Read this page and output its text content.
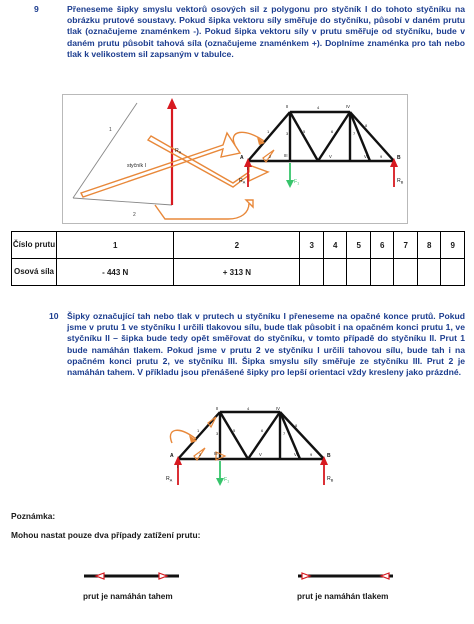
9	Přeneseme šipky smyslu vektorů osových sil z polygonu pro styčník I do tohoto styčníku na obrázku prutové soustavy. Pokud šipka vektoru síly směřuje do styčníku, působí v daném prutu tlak (označujeme znaménkem -). Pokud šipka vektoru síly v prutu směřuje od styčníku, bude v daném prutu působit tahová síla (označujeme znaménkem +). Doplníme znaménka pro tah nebo tlak k velikostem sil zapsaným v tabulce.
1
2
styčník I
$R_A$
A	B
$R_A$	$R_B$
$F_1$
I
II
III
IV
V	VI
1
2
3
4
5	6	7
8
9
Číslo prutu	1	2	3	4	5	6	7	8	9
Osová síla	- 443 N	+ 313 N							
10 Šipky označující tah nebo tlak v prutech u styčníku I přeneseme na opačné konce prutů. Pokud jsme v prutu 1 ve styčníku I určili tlakovou sílu, bude tlak působit i na opačném konci prutu 1, ve styčníku II – šipka bude tedy opět směřovat do styčníku, v tomto případě do styčníku II. Prut 1 bude namáhán tlakem. Pokud jsme v prutu 2 ve styčníku I určili tahovou sílu, bude tah i na opačném konci prutu 2, ve styčníku III. Šipka smyslu síly směřuje ze styčníku III. Prut 2 je namáhán tahem. V příkladu jsou přenášené šipky pro lepší orientaci vždy kresleny jako prázdné.
A	B
$R_A$	$R_B$
$F_1$
I
II
III
IV
V	VI
1
2
3
4
5	6
7
8
9
Poznámka:
Mohou nastat pouze dva případy zatížení prutu:
prut je namáhán tahem	prut je namáhán tlakem
